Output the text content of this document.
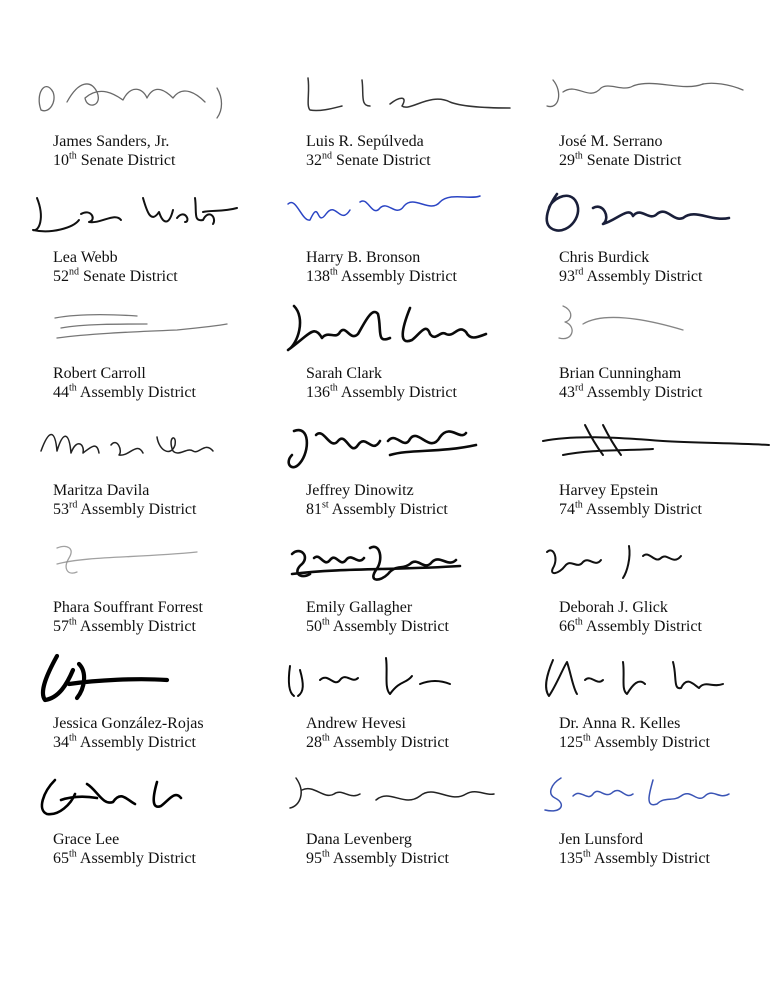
James Sanders, Jr.
10th Senate District
Luis R. Sepúlveda
32nd Senate District
José M. Serrano
29th Senate District
Lea Webb
52nd Senate District
Harry B. Bronson
138th Assembly District
Chris Burdick
93rd Assembly District
Robert Carroll
44th Assembly District
Sarah Clark
136th Assembly District
Brian Cunningham
43rd Assembly District
Maritza Davila
53rd Assembly District
Jeffrey Dinowitz
81st Assembly District
Harvey Epstein
74th Assembly District
Phara Souffrant Forrest
57th Assembly District
Emily Gallagher
50th Assembly District
Deborah J. Glick
66th Assembly District
Jessica González-Rojas
34th Assembly District
Andrew Hevesi
28th Assembly District
Dr. Anna R. Kelles
125th Assembly District
Grace Lee
65th Assembly District
Dana Levenberg
95th Assembly District
Jen Lunsford
135th Assembly District
